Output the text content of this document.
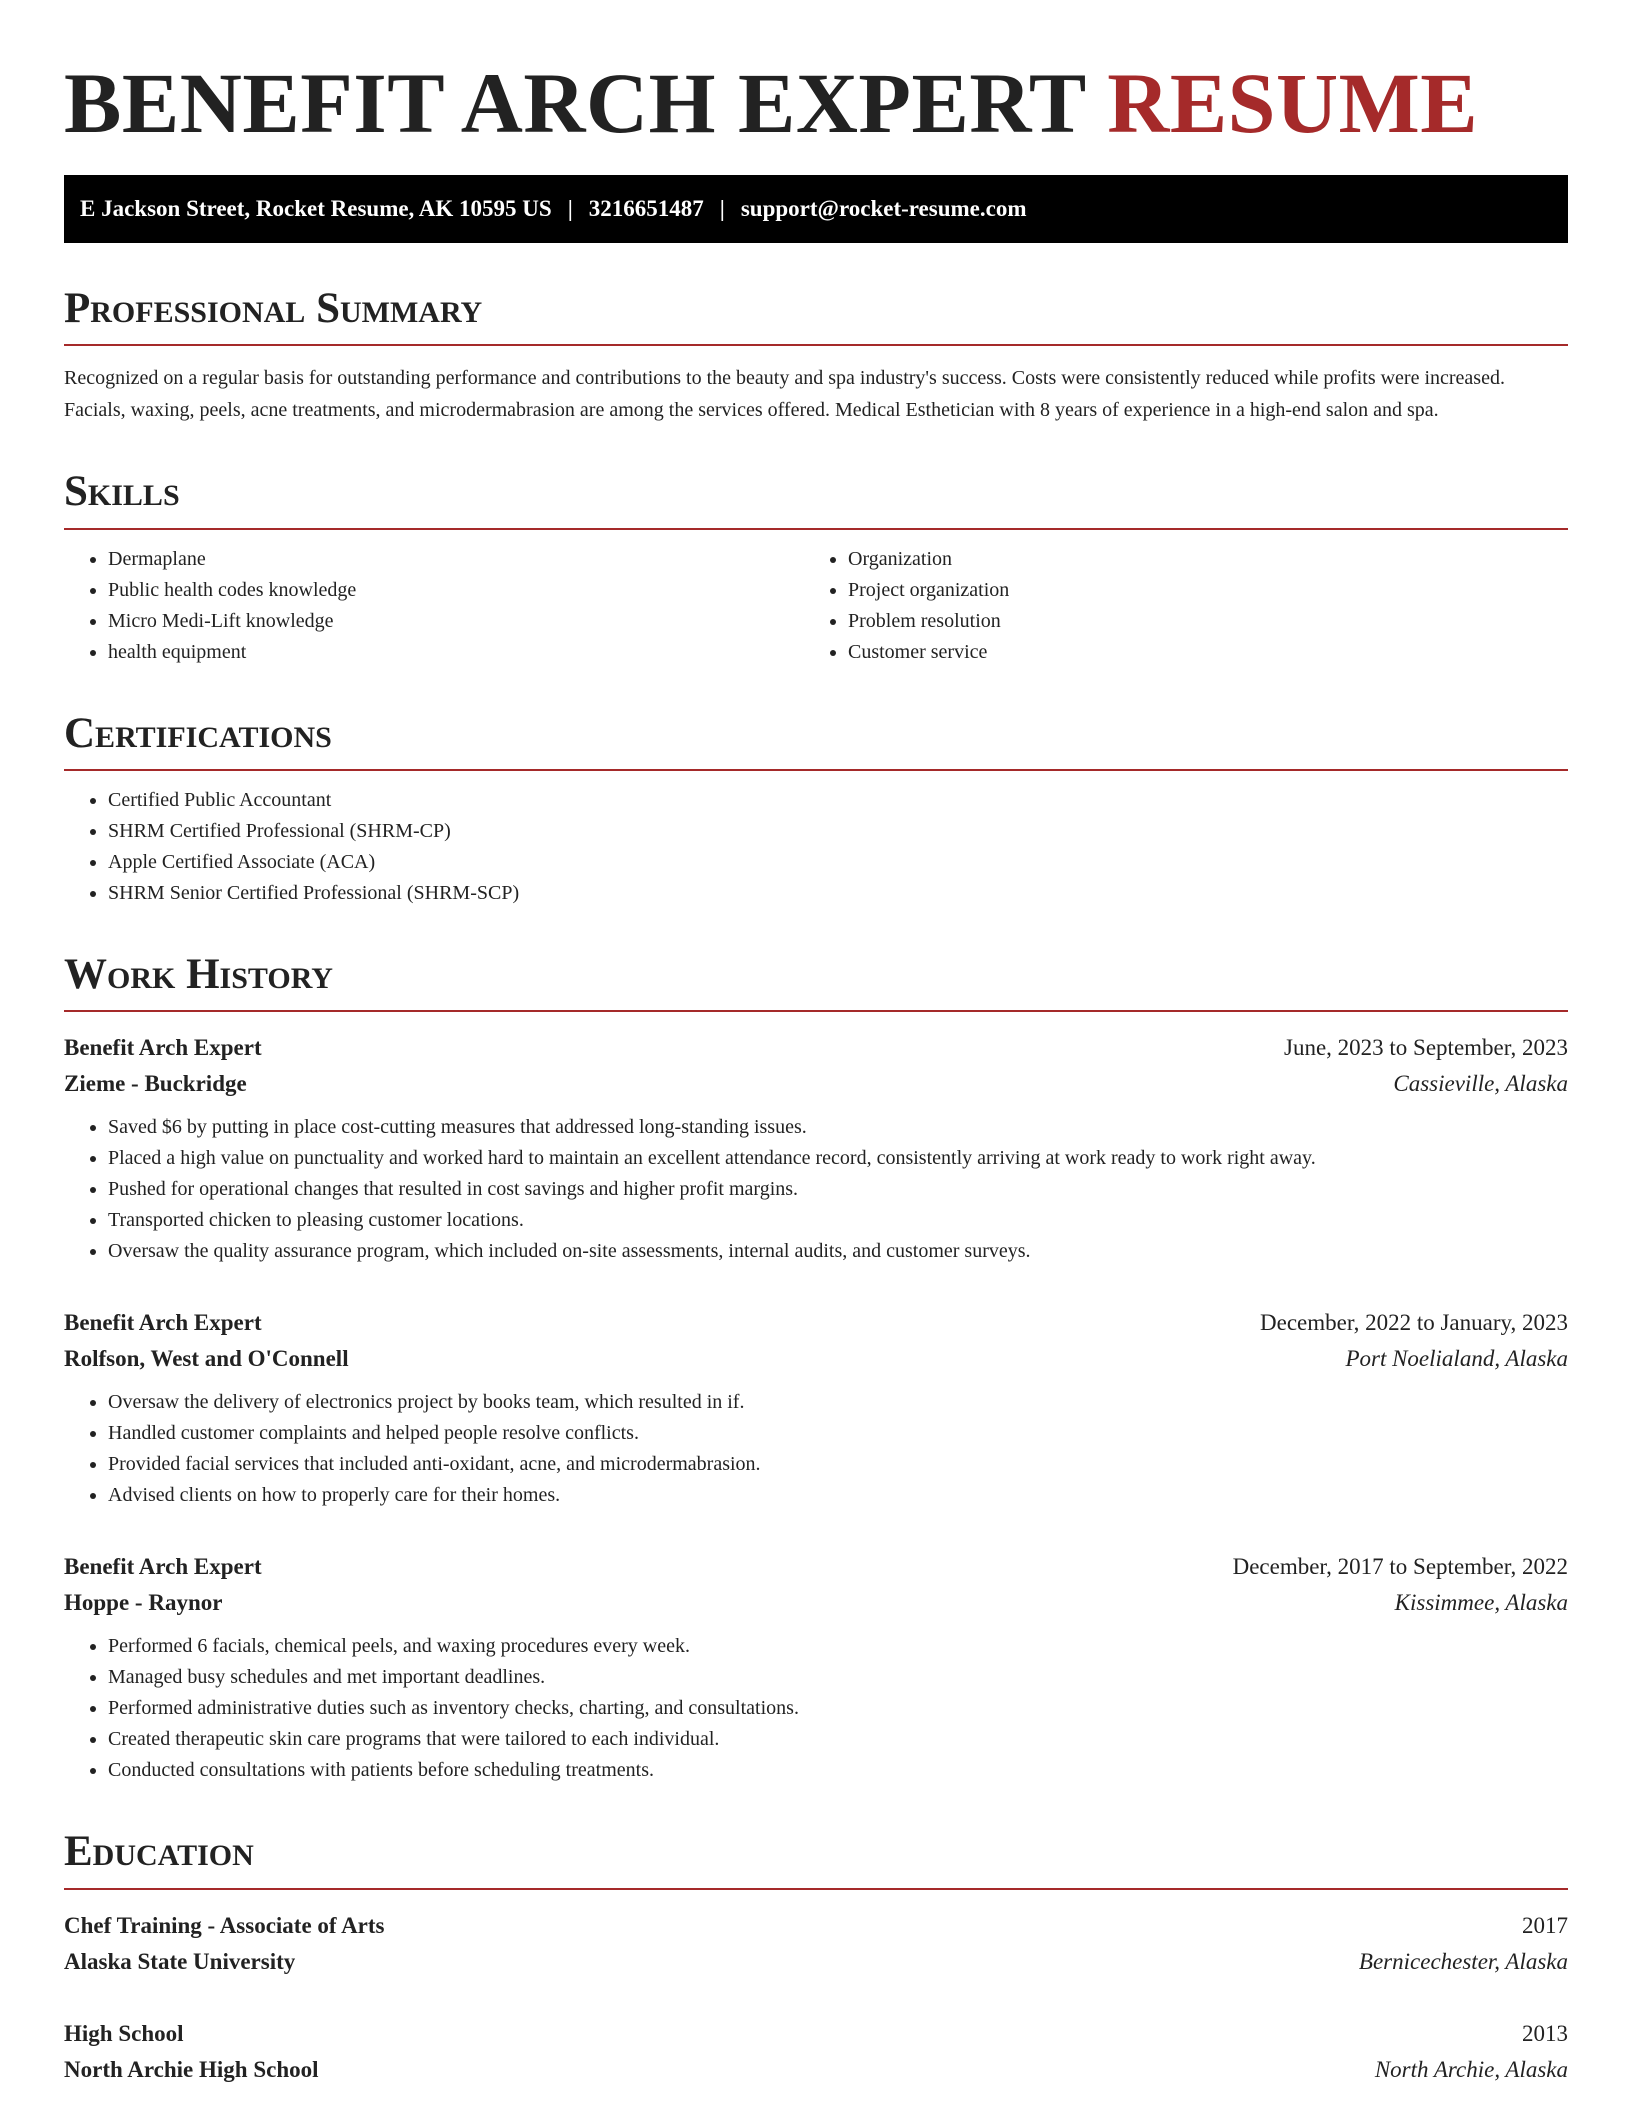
BENEFIT ARCH EXPERT RESUME
E Jackson Street, Rocket Resume, AK 10595 US | 3216651487 | support@rocket-resume.com
Professional Summary
Recognized on a regular basis for outstanding performance and contributions to the beauty and spa industry's success. Costs were consistently reduced while profits were increased. Facials, waxing, peels, acne treatments, and microdermabrasion are among the services offered. Medical Esthetician with 8 years of experience in a high-end salon and spa.
Skills
• Dermaplane
• Public health codes knowledge
• Micro Medi-Lift knowledge
• health equipment
• Organization
• Project organization
• Problem resolution
• Customer service
Certifications
• Certified Public Accountant
• SHRM Certified Professional (SHRM-CP)
• Apple Certified Associate (ACA)
• SHRM Senior Certified Professional (SHRM-SCP)
Work History
Benefit Arch Expert	June, 2023 to September, 2023
Zieme - Buckridge	Cassieville, Alaska
• Saved $6 by putting in place cost-cutting measures that addressed long-standing issues.
• Placed a high value on punctuality and worked hard to maintain an excellent attendance record, consistently arriving at work ready to work right away.
• Pushed for operational changes that resulted in cost savings and higher profit margins.
• Transported chicken to pleasing customer locations.
• Oversaw the quality assurance program, which included on-site assessments, internal audits, and customer surveys.
Benefit Arch Expert	December, 2022 to January, 2023
Rolfson, West and O'Connell	Port Noelialand, Alaska
• Oversaw the delivery of electronics project by books team, which resulted in if.
• Handled customer complaints and helped people resolve conflicts.
• Provided facial services that included anti-oxidant, acne, and microdermabrasion.
• Advised clients on how to properly care for their homes.
Benefit Arch Expert	December, 2017 to September, 2022
Hoppe - Raynor	Kissimmee, Alaska
• Performed 6 facials, chemical peels, and waxing procedures every week.
• Managed busy schedules and met important deadlines.
• Performed administrative duties such as inventory checks, charting, and consultations.
• Created therapeutic skin care programs that were tailored to each individual.
• Conducted consultations with patients before scheduling treatments.
Education
Chef Training - Associate of Arts	2017
Alaska State University	Bernicechester, Alaska
High School	2013
North Archie High School	North Archie, Alaska
